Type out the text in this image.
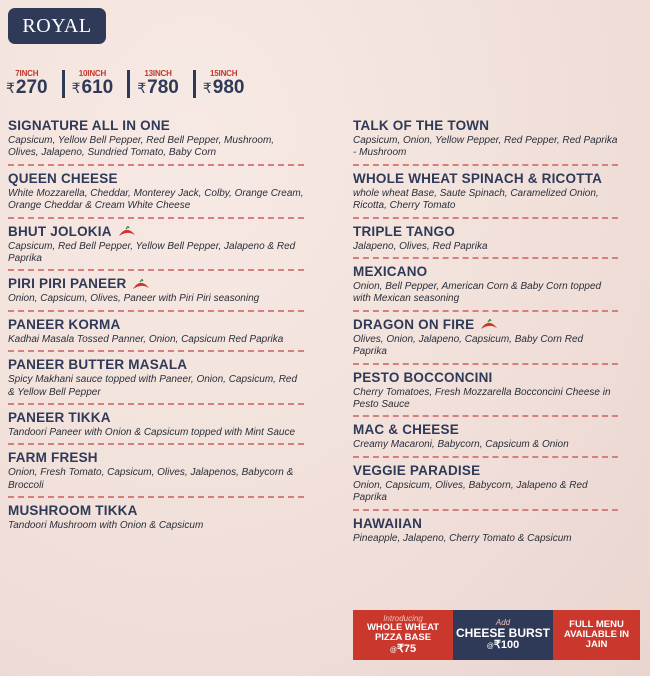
ROYAL
7INCH
₹270
10INCH
₹610
13INCH
₹780
15INCH
₹980
SIGNATURE ALL IN ONE
Capsicum, Yellow Bell Pepper, Red Bell Pepper, Mushroom, Olives, Jalapeno, Sundried Tomato, Baby Corn
QUEEN CHEESE
White Mozzarella, Cheddar, Monterey Jack, Colby, Orange Cream, Orange Cheddar & Cream White Cheese
BHUT JOLOKIA
Capsicum, Red Bell Pepper, Yellow Bell Pepper, Jalapeno & Red Paprika
PIRI PIRI PANEER
Onion, Capsicum, Olives, Paneer with Piri Piri seasoning
PANEER KORMA
Kadhai Masala Tossed Panner, Onion, Capsicum Red Paprika
PANEER BUTTER MASALA
Spicy Makhani sauce topped with Paneer, Onion, Capsicum, Red & Yellow Bell Pepper
PANEER TIKKA
Tandoori Paneer with Onion & Capsicum topped with Mint Sauce
FARM FRESH
Onion, Fresh Tomato, Capsicum, Olives, Jalapenos, Babycorn & Broccoli
MUSHROOM TIKKA
Tandoori Mushroom with Onion & Capsicum
TALK OF THE TOWN
Capsicum, Onion, Yellow Pepper, Red Pepper, Red Paprika - Mushroom
WHOLE WHEAT SPINACH & RICOTTA
whole wheat Base, Saute Spinach, Caramelized Onion, Ricotta, Cherry Tomato
TRIPLE TANGO
Jalapeno, Olives, Red Paprika
MEXICANO
Onion, Bell Pepper, American Corn & Baby Corn topped with Mexican seasoning
DRAGON ON FIRE
Olives, Onion, Jalapeno, Capsicum, Baby Corn Red Paprika
PESTO BOCCONCINI
Cherry Tomatoes, Fresh Mozzarella Bocconcini Cheese in Pesto Sauce
MAC & CHEESE
Creamy Macaroni, Babycorn, Capsicum & Onion
VEGGIE PARADISE
Onion, Capsicum, Olives, Babycorn, Jalapeno & Red Paprika
HAWAIIAN
Pineapple, Jalapeno, Cherry Tomato & Capsicum
Introducing
WHOLE WHEAT PIZZA BASE
@₹75
Add
CHEESE BURST
@₹100
FULL MENU AVAILABLE IN JAIN
